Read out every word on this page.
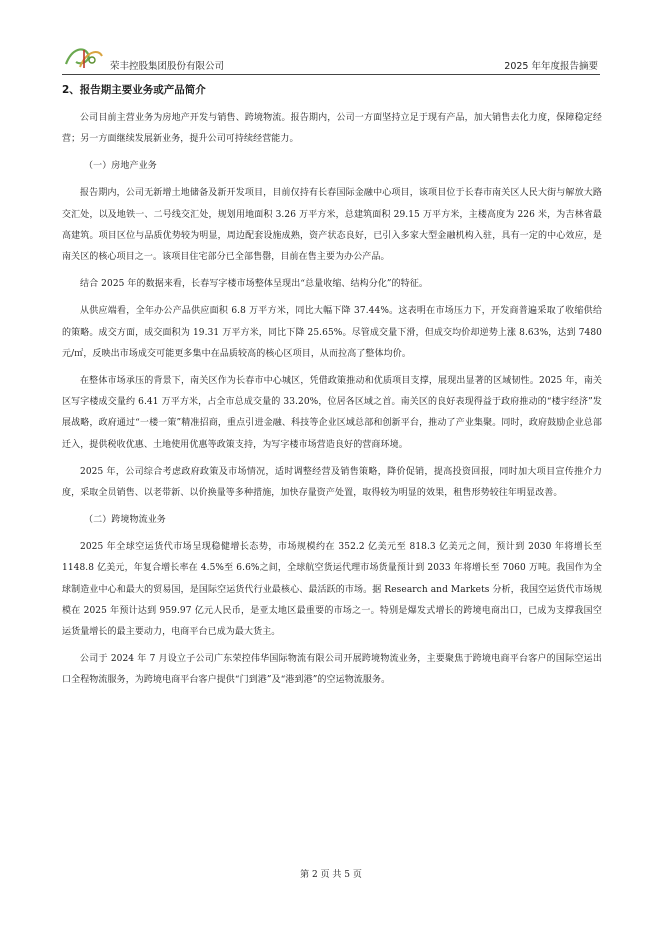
荣丰控股集团股份有限公司	2025 年年度报告摘要
2、报告期主要业务或产品简介

公司目前主营业务为房地产开发与销售、跨境物流。报告期内，公司一方面坚持立足于现有产品，加大销售去化力度，保障稳定经营；另一方面继续发展新业务，提升公司可持续经营能力。

（一）房地产业务

报告期内，公司无新增土地储备及新开发项目，目前仅持有长春国际金融中心项目，该项目位于长春市南关区人民大街与解放大路交汇处，以及地铁一、二号线交汇处，规划用地面积 3.26 万平方米，总建筑面积 29.15 万平方米，主楼高度为 226 米，为吉林省最高建筑。项目区位与品质优势较为明显，周边配套设施成熟，资产状态良好，已引入多家大型金融机构入驻，具有一定的中心效应，是南关区的核心项目之一。该项目住宅部分已全部售罄，目前在售主要为办公产品。

结合 2025 年的数据来看，长春写字楼市场整体呈现出“总量收缩、结构分化”的特征。

从供应端看，全年办公产品供应面积 6.8 万平方米，同比大幅下降 37.44%。这表明在市场压力下，开发商普遍采取了收缩供给的策略。成交方面，成交面积为 19.31 万平方米，同比下降 25.65%。尽管成交量下滑，但成交均价却逆势上涨 8.63%，达到 7480 元/㎡，反映出市场成交可能更多集中在品质较高的核心区项目，从而拉高了整体均价。

在整体市场承压的背景下，南关区作为长春市中心城区，凭借政策推动和优质项目支撑，展现出显著的区域韧性。2025 年，南关区写字楼成交量约 6.41 万平方米，占全市总成交量的 33.20%，位居各区域之首。南关区的良好表现得益于政府推动的“楼宇经济”发展战略，政府通过“一楼一策”精准招商，重点引进金融、科技等企业区域总部和创新平台，推动了产业集聚。同时，政府鼓励企业总部迁入，提供税收优惠、土地使用优惠等政策支持，为写字楼市场营造良好的营商环境。

2025 年，公司综合考虑政府政策及市场情况，适时调整经营及销售策略，降价促销，提高投资回报，同时加大项目宣传推介力度，采取全员销售、以老带新、以价换量等多种措施，加快存量资产处置，取得较为明显的效果，租售形势较往年明显改善。

（二）跨境物流业务

2025 年全球空运货代市场呈现稳健增长态势，市场规模约在 352.2 亿美元至 818.3 亿美元之间，预计到 2030 年将增长至 1148.8 亿美元，年复合增长率在 4.5%至 6.6%之间，全球航空货运代理市场货量预计到 2033 年将增长至 7060 万吨。我国作为全球制造业中心和最大的贸易国，是国际空运货代行业最核心、最活跃的市场。据 Research and Markets 分析，我国空运货代市场规模在 2025 年预计达到 959.97 亿元人民币，是亚太地区最重要的市场之一。特别是爆发式增长的跨境电商出口，已成为支撑我国空运货量增长的最主要动力，电商平台已成为最大货主。

公司于 2024 年 7 月设立子公司广东荣控伟华国际物流有限公司开展跨境物流业务，主要聚焦于跨境电商平台客户的国际空运出口全程物流服务，为跨境电商平台客户提供“门到港”及“港到港”的空运物流服务。

第 2 页 共 5 页
